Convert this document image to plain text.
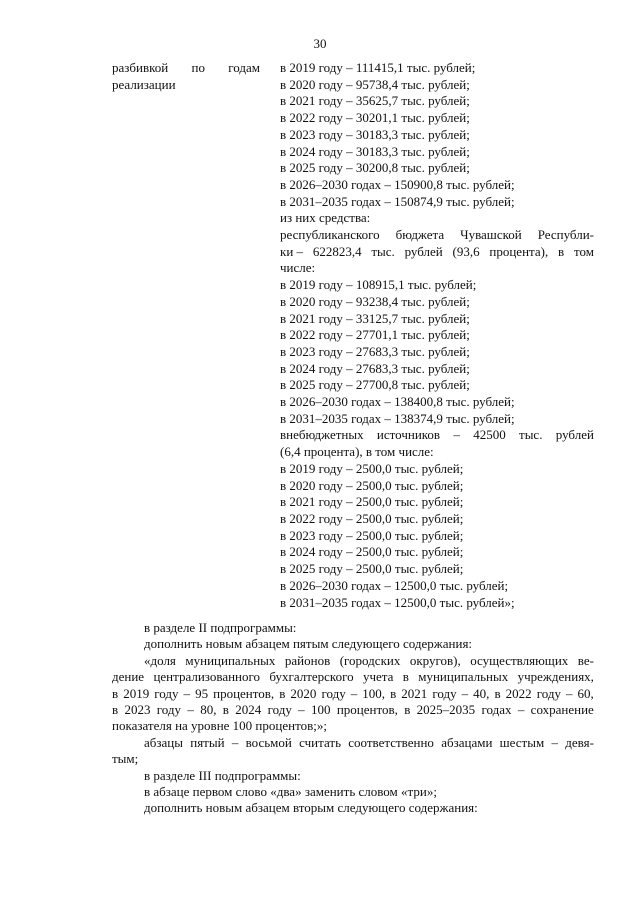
30
разбивкой по годам
реализации
в 2019 году – 111415,1 тыс. рублей;
в 2020 году – 95738,4 тыс. рублей;
в 2021 году – 35625,7 тыс. рублей;
в 2022 году – 30201,1 тыс. рублей;
в 2023 году – 30183,3 тыс. рублей;
в 2024 году – 30183,3 тыс. рублей;
в 2025 году – 30200,8 тыс. рублей;
в 2026–2030 годах – 150900,8 тыс. рублей;
в 2031–2035 годах – 150874,9 тыс. рублей;
из них средства:
республиканского бюджета Чувашской Республи-
ки – 622823,4 тыс. рублей (93,6 процента), в том
числе:
в 2019 году – 108915,1 тыс. рублей;
в 2020 году – 93238,4 тыс. рублей;
в 2021 году – 33125,7 тыс. рублей;
в 2022 году – 27701,1 тыс. рублей;
в 2023 году – 27683,3 тыс. рублей;
в 2024 году – 27683,3 тыс. рублей;
в 2025 году – 27700,8 тыс. рублей;
в 2026–2030 годах – 138400,8 тыс. рублей;
в 2031–2035 годах – 138374,9 тыс. рублей;
внебюджетных источников – 42500 тыс. рублей
(6,4 процента), в том числе:
в 2019 году – 2500,0 тыс. рублей;
в 2020 году – 2500,0 тыс. рублей;
в 2021 году – 2500,0 тыс. рублей;
в 2022 году – 2500,0 тыс. рублей;
в 2023 году – 2500,0 тыс. рублей;
в 2024 году – 2500,0 тыс. рублей;
в 2025 году – 2500,0 тыс. рублей;
в 2026–2030 годах – 12500,0 тыс. рублей;
в 2031–2035 годах – 12500,0 тыс. рублей»;
в разделе II подпрограммы:
дополнить новым абзацем пятым следующего содержания:
«доля муниципальных районов (городских округов), осуществляющих ве-
дение централизованного бухгалтерского учета в муниципальных учреждениях,
в 2019 году – 95 процентов, в 2020 году – 100, в 2021 году – 40, в 2022 году – 60,
в 2023 году – 80, в 2024 году – 100 процентов, в 2025–2035 годах – сохранение
показателя на уровне 100 процентов;»;
абзацы пятый – восьмой считать соответственно абзацами шестым – девя-
тым;
в разделе III подпрограммы:
в абзаце первом слово «два» заменить словом «три»;
дополнить новым абзацем вторым следующего содержания:
